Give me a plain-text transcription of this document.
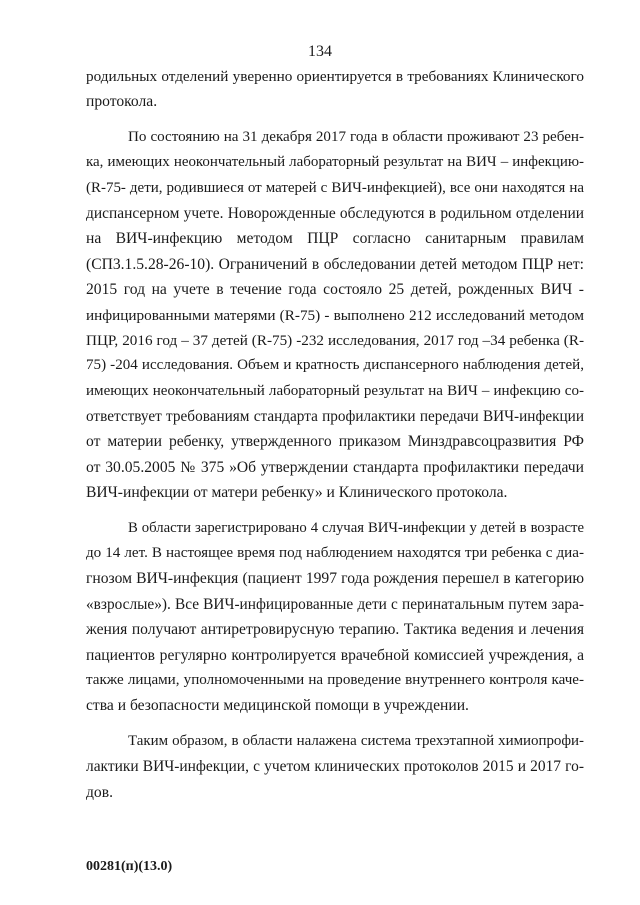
134
родильных отделений уверенно ориентируется в требованиях Клинического
протокола.
По состоянию на 31 декабря 2017 года в области проживают 23 ребен-
ка, имеющих неокончательный лабораторный результат на ВИЧ – инфекцию-
(R-75- дети, родившиеся от матерей с ВИЧ-инфекцией), все они находятся на
диспансерном учете. Новорожденные обследуются в родильном отделении
на ВИЧ-инфекцию методом ПЦР согласно санитарным правилам
(СП3.1.5.28-26-10). Ограничений в обследовании детей методом ПЦР нет:
2015 год на учете в течение года состояло 25 детей, рожденных ВИЧ -
инфицированными матерями (R-75) - выполнено 212 исследований методом
ПЦР, 2016 год – 37 детей (R-75) -232 исследования, 2017 год –34 ребенка (R-
75) -204 исследования. Объем и кратность диспансерного наблюдения детей,
имеющих неокончательный лабораторный результат на ВИЧ – инфекцию со-
ответствует требованиям стандарта профилактики передачи ВИЧ-инфекции
от материи ребенку, утвержденного приказом Минздравсоцразвития РФ
от 30.05.2005 № 375 »Об утверждении стандарта профилактики передачи
ВИЧ-инфекции от матери ребенку» и Клинического протокола.
В области зарегистрировано 4 случая ВИЧ-инфекции у детей в возрасте
до 14 лет. В настоящее время под наблюдением находятся три ребенка с диа-
гнозом ВИЧ-инфекция (пациент 1997 года рождения перешел в категорию
«взрослые»). Все ВИЧ-инфицированные дети с перинатальным путем зара-
жения получают антиретровирусную терапию. Тактика ведения и лечения
пациентов регулярно контролируется врачебной комиссией учреждения, а
также лицами, уполномоченными на проведение внутреннего контроля каче-
ства и безопасности медицинской помощи в учреждении.
Таким образом, в области налажена система трехэтапной химиопрофи-
лактики ВИЧ-инфекции, с учетом клинических протоколов 2015 и 2017 го-
дов.
00281(п)(13.0)
